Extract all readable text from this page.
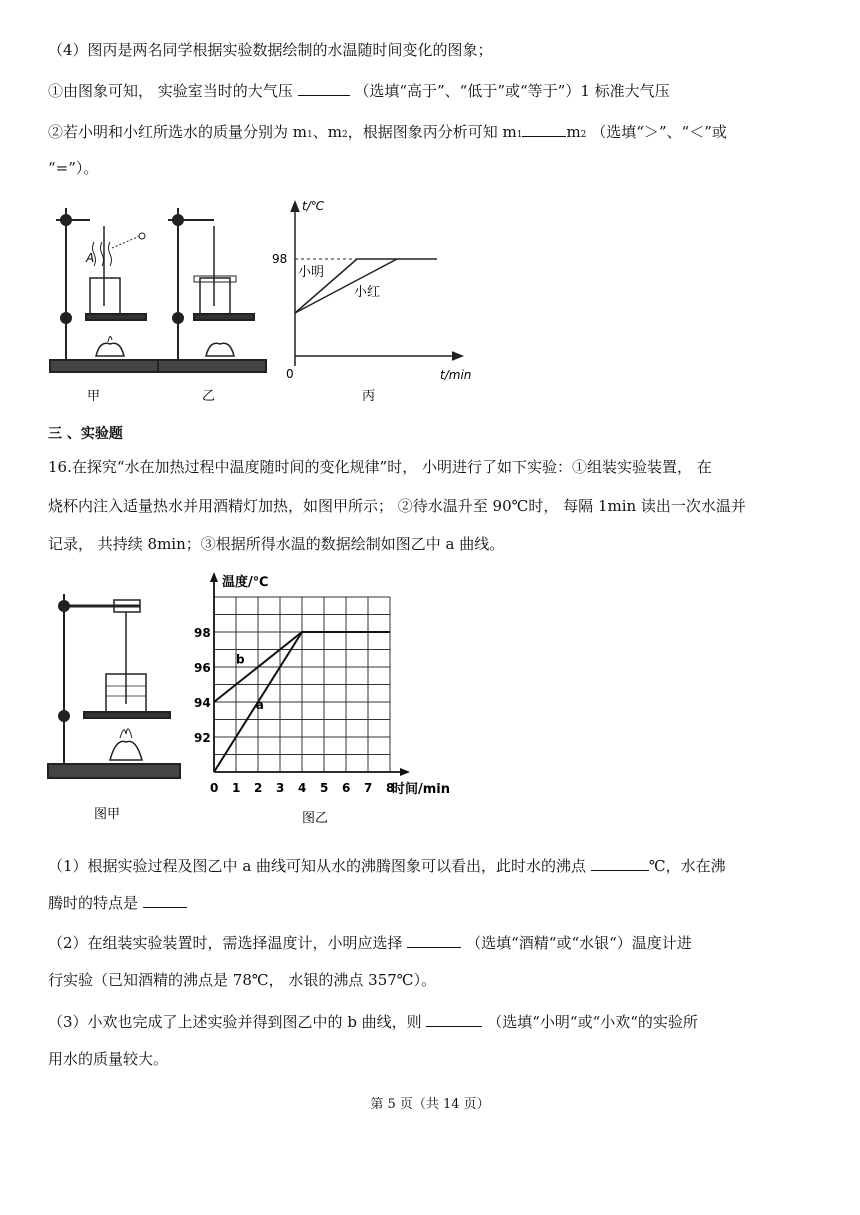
（4）图丙是两名同学根据实验数据绘制的水温随时间变化的图象；
①由图象可知， 实验室当时的大气压	（选填“高于”、“低于”或“等于”）1 标准大气压
②若小明和小红所选水的质量分别为 m1、m2，根据图象丙分析可知 m1	m2 （选填“＞”、“＜”或
“=”）。
A
t/℃
98
0	t/min
小明
小红
甲	乙	丙
三 、实验题
16.在探究“水在加热过程中温度随时间的变化规律”时， 小明进行了如下实验：①组装实验装置， 在
烧杯内注入适量热水并用酒精灯加热，如图甲所示； ②待水温升至 90℃时， 每隔 1min 读出一次水温并
记录， 共持续 8min；③根据所得水温的数据绘制如图乙中 a 曲线。
图甲
98
96
94
92
0 1 2 3 4 5 6 7 8
a
b
温度/℃
时间/min
图乙
（1）根据实验过程及图乙中 a 曲线可知从水的沸腾图象可以看出，此时水的沸点	℃，水在沸
腾时的特点是
（2）在组装实验装置时，需选择温度计，小明应选择	（选填“酒精“或“水银“）温度计进
行实验（已知酒精的沸点是 78℃， 水银的沸点 357℃）。
（3）小欢也完成了上述实验并得到图乙中的 b 曲线，则	（选填“小明“或“小欢“的实验所
用水的质量较大。
第 5 页（共 14 页）
